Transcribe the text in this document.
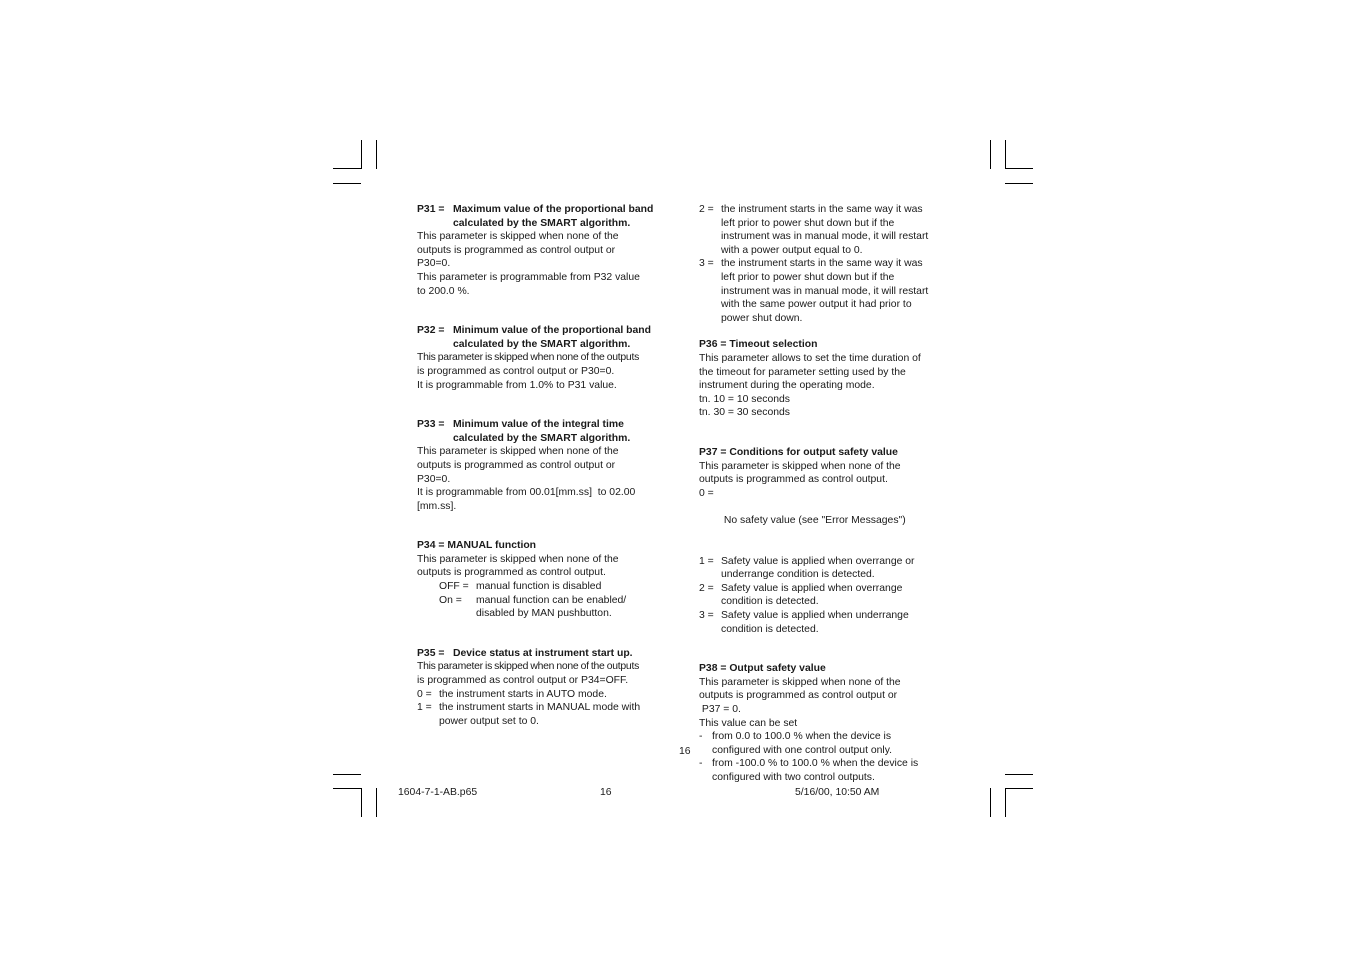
P31 = Maximum value of the proportional band
calculated by the SMART algorithm.
This parameter is skipped when none of the
outputs is programmed as control output or
P30=0.
This parameter is programmable from P32 value
to 200.0 %.
P32 = Minimum value of the proportional band
calculated by the SMART algorithm.
This parameter is skipped when none of the outputs
is programmed as control output or P30=0.
It is programmable from 1.0% to P31 value.
P33 = Minimum value of the integral time
calculated by the SMART algorithm.
This parameter is skipped when none of the
outputs is programmed as control output or
P30=0.
It is programmable from 00.01[mm.ss]  to 02.00
[mm.ss].
P34 = MANUAL function
This parameter is skipped when none of the
outputs is programmed as control output.
OFF = manual function is disabled
On =	manual function can be enabled/
disabled by MAN pushbutton.
P35 = Device status at instrument start up.
This parameter is skipped when none of the outputs
is programmed as control output or P34=OFF.
0 = the instrument starts in AUTO mode.
1 = the instrument starts in MANUAL mode with
power output set to 0.
2 = the instrument starts in the same way it was
left prior to power shut down but if the
instrument was in manual mode, it will restart
with a power output equal to 0.
3 = the instrument starts in the same way it was
left prior to power shut down but if the
instrument was in manual mode, it will restart
with the same power output it had prior to
power shut down.
P36 = Timeout selection
This parameter allows to set the time duration of
the timeout for parameter setting used by the
instrument during the operating mode.
tn. 10 = 10 seconds
tn. 30 = 30 seconds
P37 = Conditions for output safety value
This parameter is skipped when none of the
outputs is programmed as control output.
0 =

No safety value (see "Error Messages")

1 = Safety value is applied when overrange or
underrange condition is detected.
2 = Safety value is applied when overrange
condition is detected.
3 = Safety value is applied when underrange
condition is detected.
P38 = Output safety value
This parameter is skipped when none of the
outputs is programmed as control output or
P37 = 0.
This value can be set
- from 0.0 to 100.0 % when the device is
configured with one control output only.
- from -100.0 % to 100.0 % when the device is
configured with two control outputs.
16
1604-7-1-AB.p65	16	5/16/00, 10:50 AM
